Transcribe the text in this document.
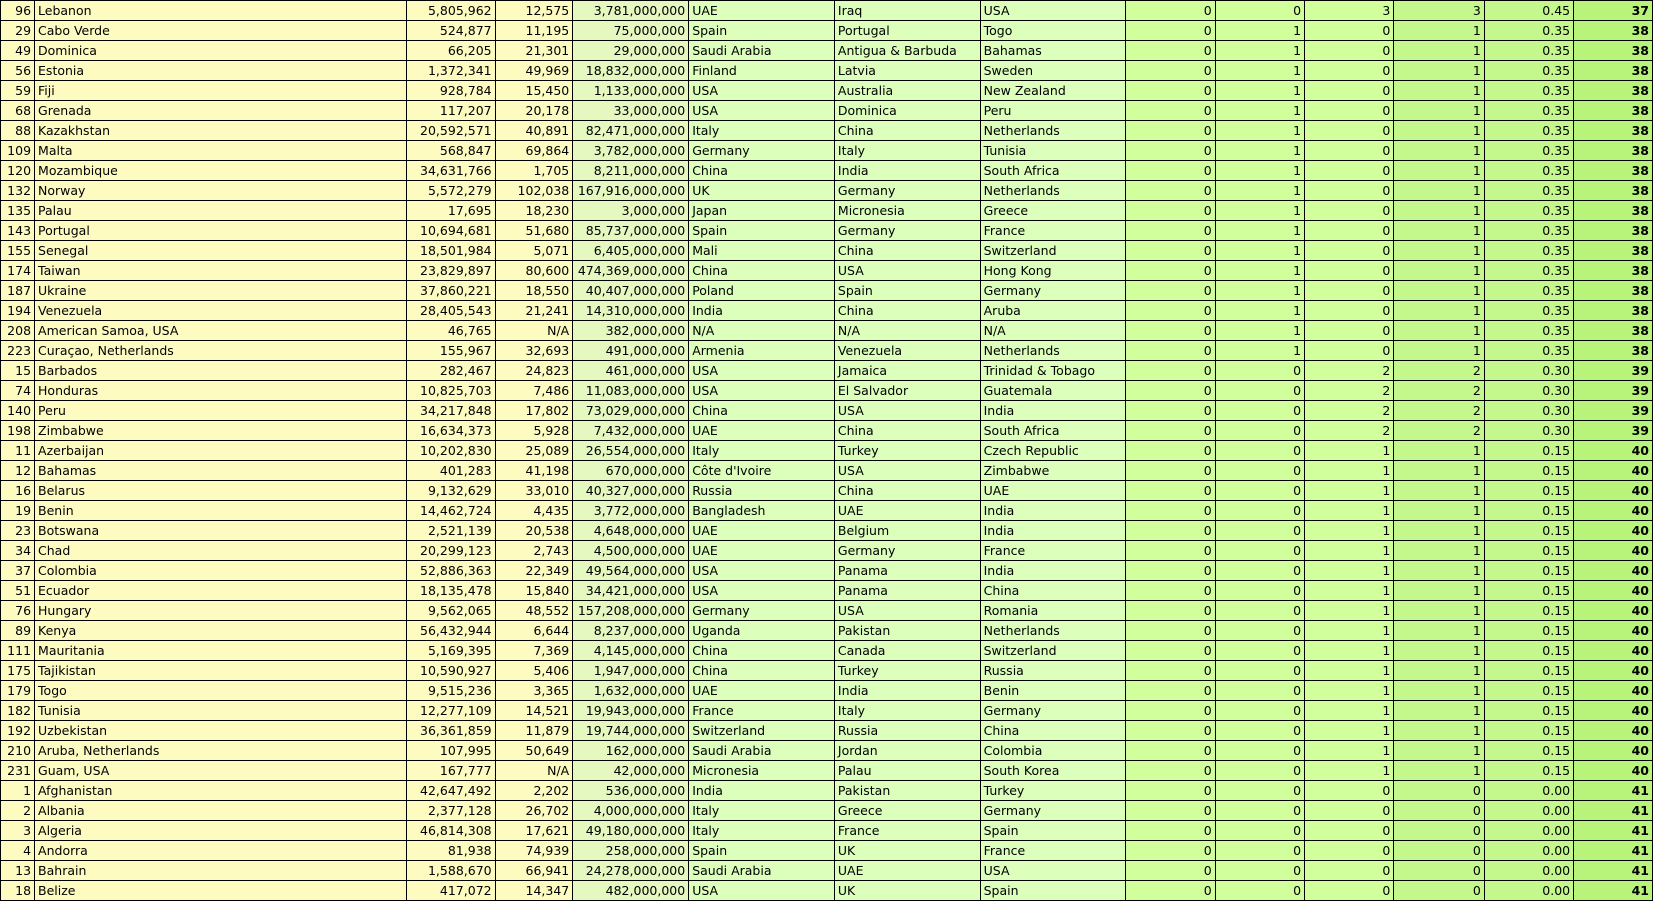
96	Lebanon	5,805,962	12,575	3,781,000,000	UAE	Iraq	USA	0	0	3	3	0.45	37
29	Cabo Verde	524,877	11,195	75,000,000	Spain	Portugal	Togo	0	1	0	1	0.35	38
49	Dominica	66,205	21,301	29,000,000	Saudi Arabia	Antigua & Barbuda	Bahamas	0	1	0	1	0.35	38
56	Estonia	1,372,341	49,969	18,832,000,000	Finland	Latvia	Sweden	0	1	0	1	0.35	38
59	Fiji	928,784	15,450	1,133,000,000	USA	Australia	New Zealand	0	1	0	1	0.35	38
68	Grenada	117,207	20,178	33,000,000	USA	Dominica	Peru	0	1	0	1	0.35	38
88	Kazakhstan	20,592,571	40,891	82,471,000,000	Italy	China	Netherlands	0	1	0	1	0.35	38
109	Malta	568,847	69,864	3,782,000,000	Germany	Italy	Tunisia	0	1	0	1	0.35	38
120	Mozambique	34,631,766	1,705	8,211,000,000	China	India	South Africa	0	1	0	1	0.35	38
132	Norway	5,572,279	102,038	167,916,000,000	UK	Germany	Netherlands	0	1	0	1	0.35	38
135	Palau	17,695	18,230	3,000,000	Japan	Micronesia	Greece	0	1	0	1	0.35	38
143	Portugal	10,694,681	51,680	85,737,000,000	Spain	Germany	France	0	1	0	1	0.35	38
155	Senegal	18,501,984	5,071	6,405,000,000	Mali	China	Switzerland	0	1	0	1	0.35	38
174	Taiwan	23,829,897	80,600	474,369,000,000	China	USA	Hong Kong	0	1	0	1	0.35	38
187	Ukraine	37,860,221	18,550	40,407,000,000	Poland	Spain	Germany	0	1	0	1	0.35	38
194	Venezuela	28,405,543	21,241	14,310,000,000	India	China	Aruba	0	1	0	1	0.35	38
208	American Samoa, USA	46,765	N/A	382,000,000	N/A	N/A	N/A	0	1	0	1	0.35	38
223	Curaçao, Netherlands	155,967	32,693	491,000,000	Armenia	Venezuela	Netherlands	0	1	0	1	0.35	38
15	Barbados	282,467	24,823	461,000,000	USA	Jamaica	Trinidad & Tobago	0	0	2	2	0.30	39
74	Honduras	10,825,703	7,486	11,083,000,000	USA	El Salvador	Guatemala	0	0	2	2	0.30	39
140	Peru	34,217,848	17,802	73,029,000,000	China	USA	India	0	0	2	2	0.30	39
198	Zimbabwe	16,634,373	5,928	7,432,000,000	UAE	China	South Africa	0	0	2	2	0.30	39
11	Azerbaijan	10,202,830	25,089	26,554,000,000	Italy	Turkey	Czech Republic	0	0	1	1	0.15	40
12	Bahamas	401,283	41,198	670,000,000	Côte d'Ivoire	USA	Zimbabwe	0	0	1	1	0.15	40
16	Belarus	9,132,629	33,010	40,327,000,000	Russia	China	UAE	0	0	1	1	0.15	40
19	Benin	14,462,724	4,435	3,772,000,000	Bangladesh	UAE	India	0	0	1	1	0.15	40
23	Botswana	2,521,139	20,538	4,648,000,000	UAE	Belgium	India	0	0	1	1	0.15	40
34	Chad	20,299,123	2,743	4,500,000,000	UAE	Germany	France	0	0	1	1	0.15	40
37	Colombia	52,886,363	22,349	49,564,000,000	USA	Panama	India	0	0	1	1	0.15	40
51	Ecuador	18,135,478	15,840	34,421,000,000	USA	Panama	China	0	0	1	1	0.15	40
76	Hungary	9,562,065	48,552	157,208,000,000	Germany	USA	Romania	0	0	1	1	0.15	40
89	Kenya	56,432,944	6,644	8,237,000,000	Uganda	Pakistan	Netherlands	0	0	1	1	0.15	40
111	Mauritania	5,169,395	7,369	4,145,000,000	China	Canada	Switzerland	0	0	1	1	0.15	40
175	Tajikistan	10,590,927	5,406	1,947,000,000	China	Turkey	Russia	0	0	1	1	0.15	40
179	Togo	9,515,236	3,365	1,632,000,000	UAE	India	Benin	0	0	1	1	0.15	40
182	Tunisia	12,277,109	14,521	19,943,000,000	France	Italy	Germany	0	0	1	1	0.15	40
192	Uzbekistan	36,361,859	11,879	19,744,000,000	Switzerland	Russia	China	0	0	1	1	0.15	40
210	Aruba, Netherlands	107,995	50,649	162,000,000	Saudi Arabia	Jordan	Colombia	0	0	1	1	0.15	40
231	Guam, USA	167,777	N/A	42,000,000	Micronesia	Palau	South Korea	0	0	1	1	0.15	40
1	Afghanistan	42,647,492	2,202	536,000,000	India	Pakistan	Turkey	0	0	0	0	0.00	41
2	Albania	2,377,128	26,702	4,000,000,000	Italy	Greece	Germany	0	0	0	0	0.00	41
3	Algeria	46,814,308	17,621	49,180,000,000	Italy	France	Spain	0	0	0	0	0.00	41
4	Andorra	81,938	74,939	258,000,000	Spain	UK	France	0	0	0	0	0.00	41
13	Bahrain	1,588,670	66,941	24,278,000,000	Saudi Arabia	UAE	USA	0	0	0	0	0.00	41
18	Belize	417,072	14,347	482,000,000	USA	UK	Spain	0	0	0	0	0.00	41
